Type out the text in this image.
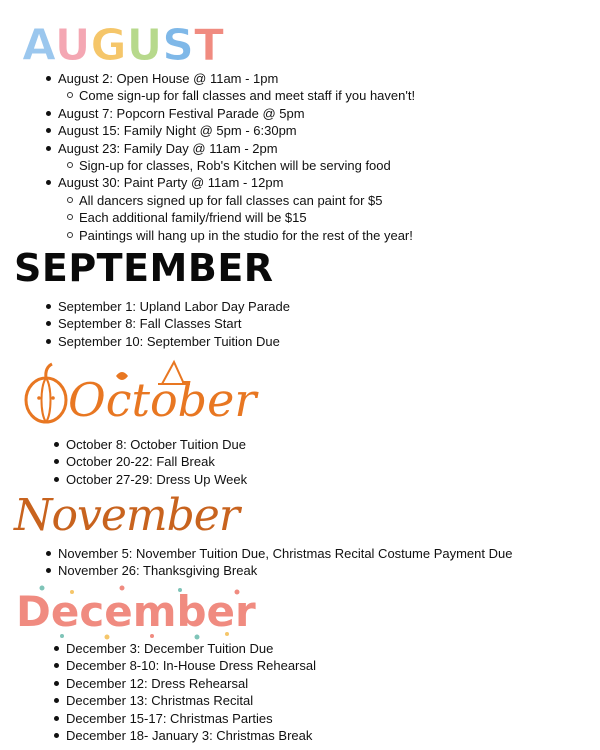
AUGUST
August 2: Open House @ 11am - 1pm
Come sign-up for fall classes and meet staff if you haven't!
August 7: Popcorn Festival Parade @ 5pm
August 15: Family Night @ 5pm - 6:30pm
August 23: Family Day @ 11am - 2pm
Sign-up for classes, Rob's Kitchen will be serving food
August 30: Paint Party @ 11am - 12pm
All dancers signed up for fall classes can paint for $5
Each additional family/friend will be $15
Paintings will hang up in the studio for the rest of the year!
SEPTEMBER
September 1: Upland Labor Day Parade
September 8: Fall Classes Start
September 10: September Tuition Due
October
October 8: October Tuition Due
October 20-22: Fall Break
October 27-29: Dress Up Week
November
November 5: November Tuition Due, Christmas Recital Costume Payment Due
November 26: Thanksgiving Break
December
December 3: December Tuition Due
December 8-10: In-House Dress Rehearsal
December 12: Dress Rehearsal
December 13: Christmas Recital
December 15-17: Christmas Parties
December 18- January 3: Christmas Break
